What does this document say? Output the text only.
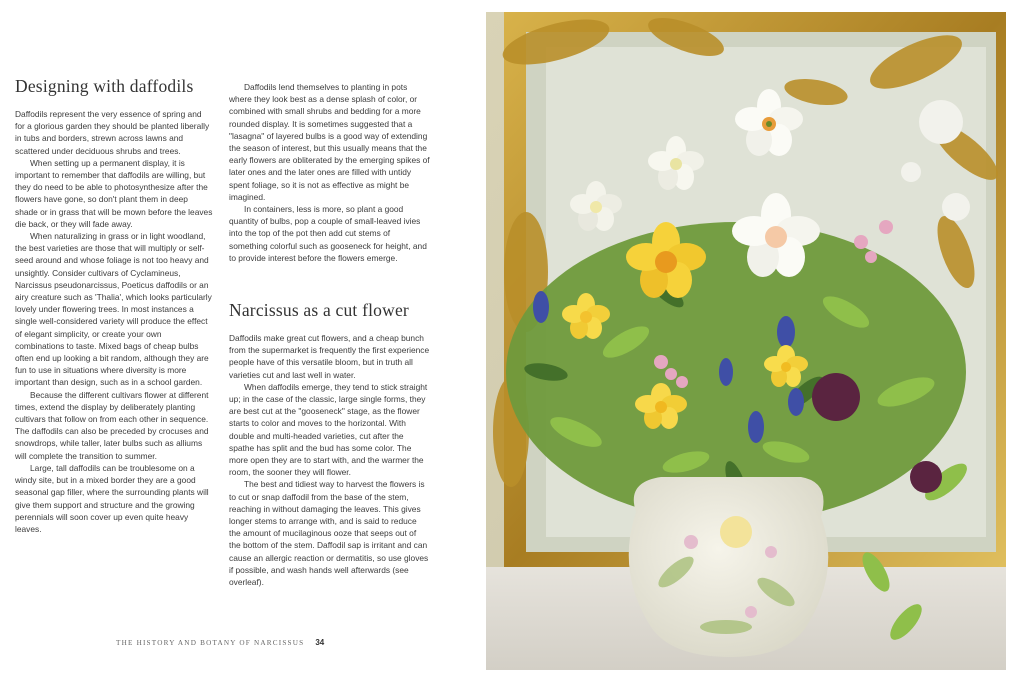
Designing with daffodils

Daffodils represent the very essence of spring and for a glorious garden they should be planted liberally in tubs and borders, strewn across lawns and scattered under deciduous shrubs and trees.

When setting up a permanent display, it is important to remember that daffodils are willing, but they do need to be able to photosynthesize after the flowers have gone, so don't plant them in deep shade or in grass that will be mown before the leaves die back, or they will fade away.

When naturalizing in grass or in light woodland, the best varieties are those that will multiply or self-seed around and whose foliage is not too heavy and unsightly. Consider cultivars of Cyclamineus, Narcissus pseudonarcissus, Poeticus daffodils or an airy creature such as 'Thalia', which looks particularly lovely under flowering trees. In most instances a single well-considered variety will produce the effect of elegant simplicity, or create your own combinations to taste. Mixed bags of cheap bulbs often end up looking a bit random, although they are fun to use in situations where diversity is more important than design, such as in a school garden.

Because the different cultivars flower at different times, extend the display by deliberately planting cultivars that follow on from each other in sequence. The daffodils can also be preceded by crocuses and snowdrops, while taller, later bulbs such as alliums will complete the transition to summer.

Large, tall daffodils can be troublesome on a windy site, but in a mixed border they are a good seasonal gap filler, where the surrounding plants will give them support and structure and the growing perennials will soon cover up even quite heavy leaves.

Daffodils lend themselves to planting in pots where they look best as a dense splash of color, or combined with small shrubs and bedding for a more rounded display. It is sometimes suggested that a "lasagna" of layered bulbs is a good way of extending the season of interest, but this usually means that the early flowers are obliterated by the emerging spikes of later ones and the later ones are filled with untidy spent foliage, so it is not as effective as might be imagined.

In containers, less is more, so plant a good quantity of bulbs, pop a couple of small-leaved ivies into the top of the pot then add cut stems of something colorful such as gooseneck for height, and to provide interest before the flowers emerge.

Narcissus as a cut flower

Daffodils make great cut flowers, and a cheap bunch from the supermarket is frequently the first experience people have of this versatile bloom, but in truth all varieties cut and last well in water.

When daffodils emerge, they tend to stick straight up; in the case of the classic, large single forms, they are best cut at the "gooseneck" stage, as the flower starts to color and moves to the horizontal. With double and multi-headed varieties, cut after the spathe has split and the bud has some color. The more open they are to start with, and the warmer the room, the sooner they will flower.

The best and tidiest way to harvest the flowers is to cut or snap daffodil from the base of the stem, reaching in without damaging the leaves. This gives longer stems to arrange with, and is said to reduce the amount of mucilaginous ooze that seeps out of the bottom of the stem. Daffodil sap is irritant and can cause an allergic reaction or dermatitis, so use gloves if possible, and wash hands well afterwards (see overleaf).

THE HISTORY AND BOTANY OF NARCISSUS 34
